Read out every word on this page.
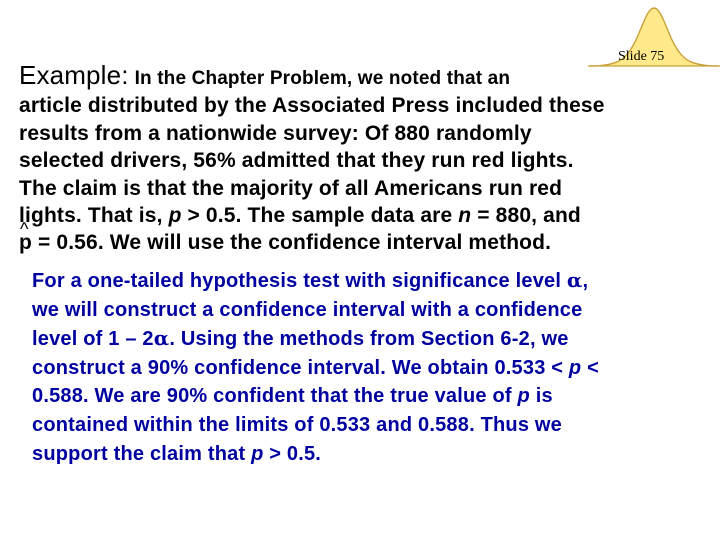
Slide 75
Example: In the Chapter Problem, we noted that an
article distributed by the Associated Press included these
results from a nationwide survey: Of 880 randomly
selected drivers, 56% admitted that they run red lights.
The claim is that the majority of all Americans run red
lights. That is, p > 0.5. The sample data are n = 880, and
^ p = 0.56. We will use the confidence interval method.
For a one-tailed hypothesis test with significance level α,
we will construct a confidence interval with a confidence
level of 1 – 2α. Using the methods from Section 6-2, we
construct a 90% confidence interval. We obtain 0.533 < p <
0.588. We are 90% confident that the true value of p is
contained within the limits of 0.533 and 0.588. Thus we
support the claim that p > 0.5.
